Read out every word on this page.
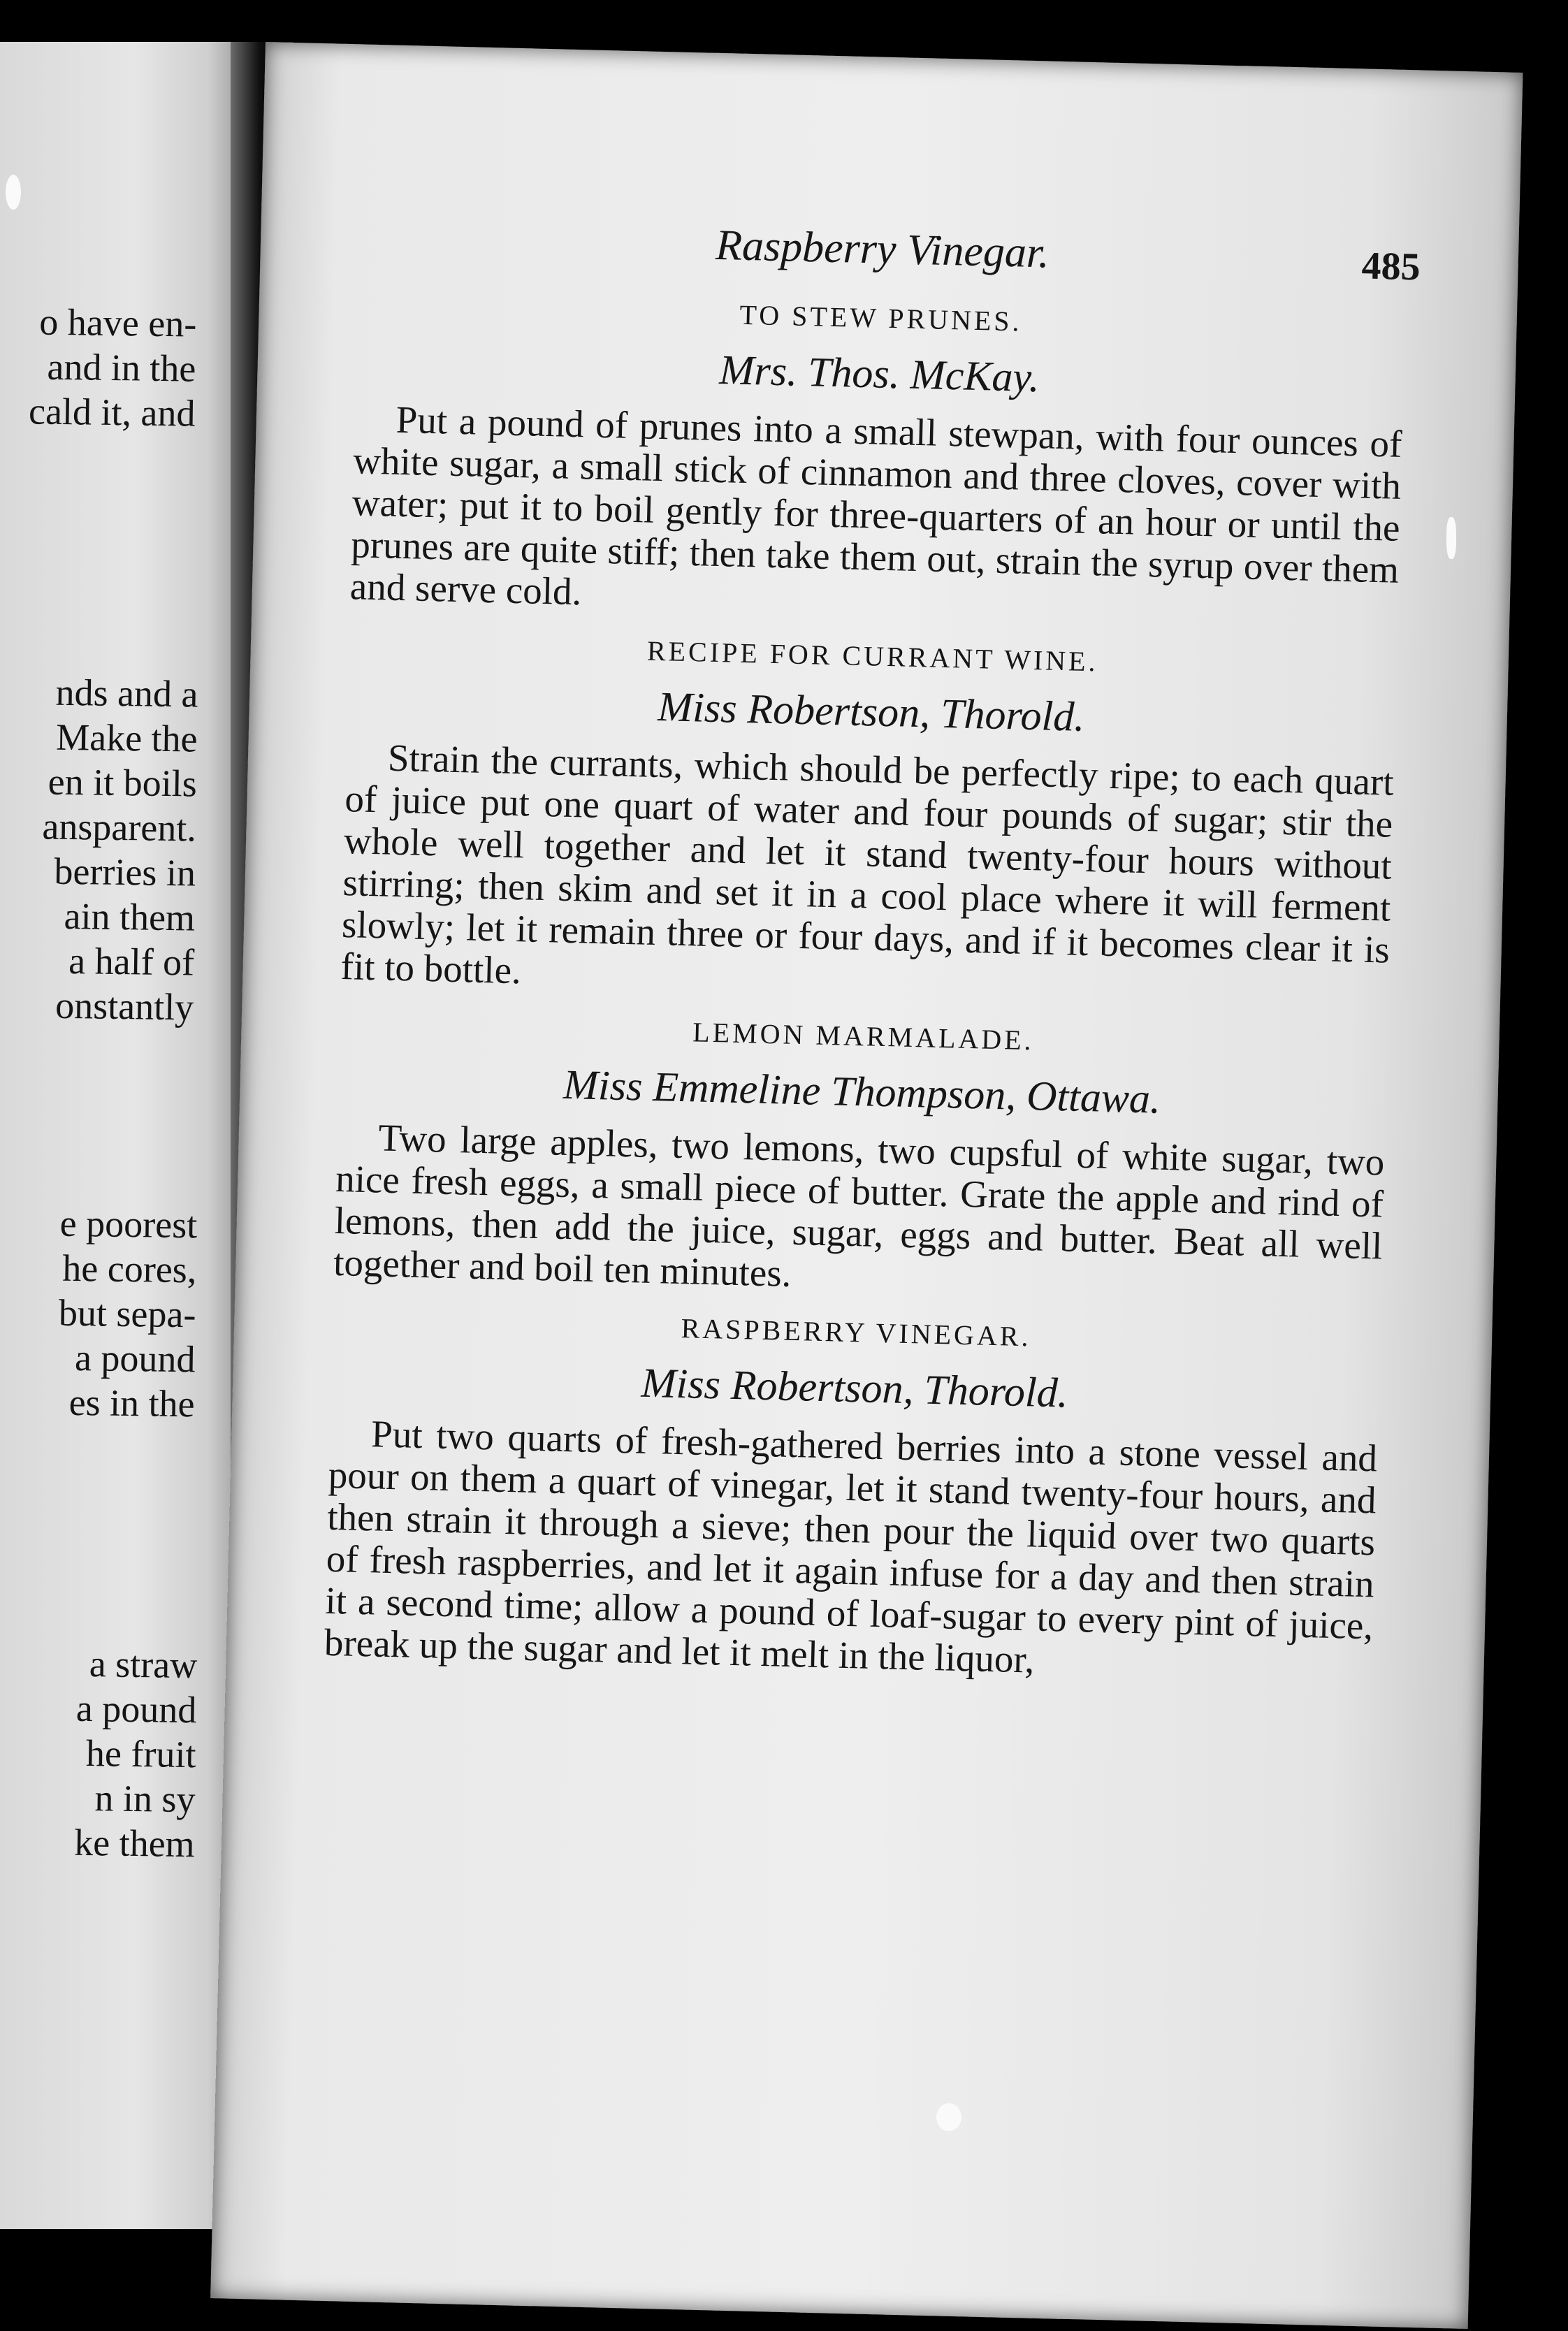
o have en-
and in the
cald it, and

nds and a
Make the
en it boils
ansparent.
berries in
ain them
a half of
onstantly

e poorest
he cores,
but sepa-
a pound
es in the

a straw
a pound
he fruit
n in sy
ke them

Raspberry Vinegar.	485
TO STEW PRUNES.
Mrs. Thos. McKay.

Put a pound of prunes into a small stewpan, with four ounces of white sugar, a small stick of cinnamon and three cloves, cover with water; put it to boil gently for three-quarters of an hour or until the prunes are quite stiff; then take them out, strain the syrup over them and serve cold.

RECIPE FOR CURRANT WINE.
Miss Robertson, Thorold.

Strain the currants, which should be perfectly ripe; to each quart of juice put one quart of water and four pounds of sugar; stir the whole well together and let it stand twenty-four hours without stirring; then skim and set it in a cool place where it will ferment slowly; let it remain three or four days, and if it becomes clear it is fit to bottle.

LEMON MARMALADE.
Miss Emmeline Thompson, Ottawa.

Two large apples, two lemons, two cupsful of white sugar, two nice fresh eggs, a small piece of butter. Grate the apple and rind of lemons, then add the juice, sugar, eggs and butter. Beat all well together and boil ten minutes.

RASPBERRY VINEGAR.
Miss Robertson, Thorold.

Put two quarts of fresh-gathered berries into a stone vessel and pour on them a quart of vinegar, let it stand twenty-four hours, and then strain it through a sieve; then pour the liquid over two quarts of fresh raspberries, and let it again infuse for a day and then strain it a second time; allow a pound of loaf-sugar to every pint of juice, break up the sugar and let it melt in the liquor,
